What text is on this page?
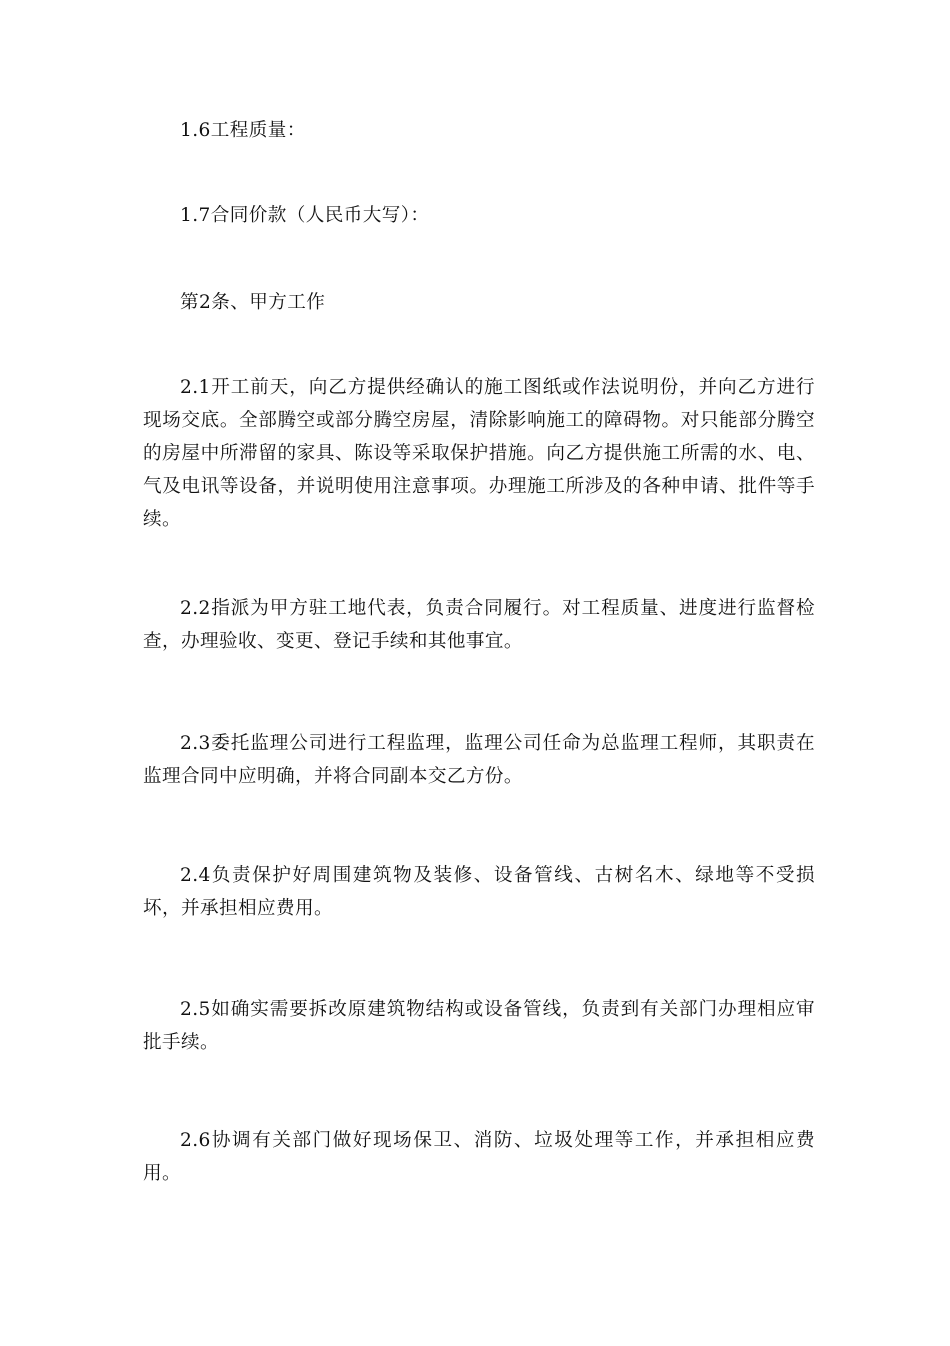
1.6工程质量：

1.7合同价款（人民币大写）：

第2条、甲方工作

2.1开工前天，向乙方提供经确认的施工图纸或作法说明份，并向乙方进行现场交底。全部腾空或部分腾空房屋，清除影响施工的障碍物。对只能部分腾空的房屋中所滞留的家具、陈设等采取保护措施。向乙方提供施工所需的水、电、气及电讯等设备，并说明使用注意事项。办理施工所涉及的各种申请、批件等手续。

2.2指派为甲方驻工地代表，负责合同履行。对工程质量、进度进行监督检查，办理验收、变更、登记手续和其他事宜。

2.3委托监理公司进行工程监理，监理公司任命为总监理工程师，其职责在监理合同中应明确，并将合同副本交乙方份。

2.4负责保护好周围建筑物及装修、设备管线、古树名木、绿地等不受损坏，并承担相应费用。

2.5如确实需要拆改原建筑物结构或设备管线，负责到有关部门办理相应审批手续。

2.6协调有关部门做好现场保卫、消防、垃圾处理等工作，并承担相应费用。
